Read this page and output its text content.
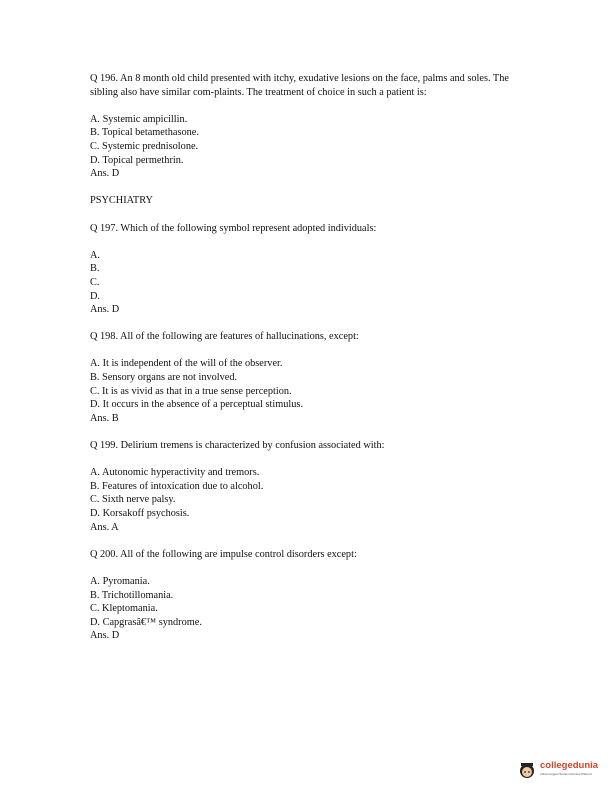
Q 196. An 8 month old child presented with itchy, exudative lesions on the face, palms and soles. The sibling also have similar com-plaints. The treatment of choice in such a patient is:

A. Systemic ampicillin.
B. Topical betamethasone.
C. Systemic prednisolone.
D. Topical permethrin.
Ans. D

PSYCHIATRY

Q 197. Which of the following symbol represent adopted individuals:

A.
B.
C.
D.
Ans. D

Q 198. All of the following are features of hallucinations, except:

A. It is independent of the will of the observer.
B. Sensory organs are not involved.
C. It is as vivid as that in a true sense perception.
D. It occurs in the absence of a perceptual stimulus.
Ans. B

Q 199. Delirium tremens is characterized by confusion associated with:

A. Autonomic hyperactivity and tremors.
B. Features of intoxication due to alcohol.
C. Sixth nerve palsy.
D. Korsakoff psychosis.
Ans. A

Q 200. All of the following are impulse control disorders except:

A. Pyromania.
B. Trichotillomania.
C. Kleptomania.
D. Capgrasâ€™ syndrome.
Ans. D
collegedunia
India's largest Student Review Platform
